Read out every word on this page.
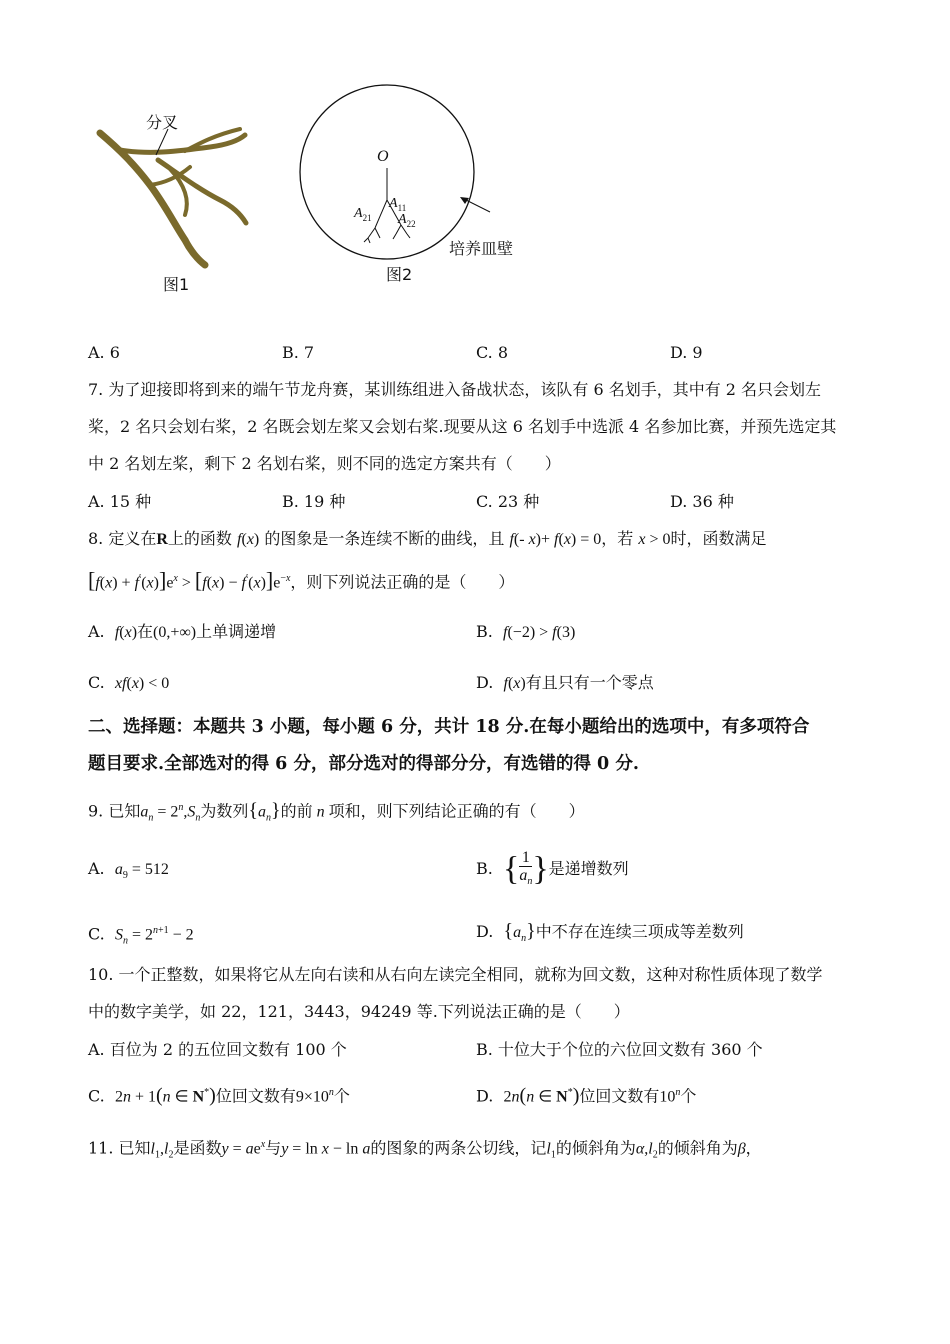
分叉
图1
O
$A_{21}$
$A_{11}$
$A_{22}$
培养皿壁
图2
A. 6	B. 7	C. 8	D. 9
7. 为了迎接即将到来的端午节龙舟赛，某训练组进入备战状态，该队有 6 名划手，其中有 2 名只会划左
桨，2 名只会划右桨，2 名既会划左桨又会划右桨.现要从这 6 名划手中选派 4 名参加比赛，并预先选定其
中 2 名划左桨，剩下 2 名划右桨，则不同的选定方案共有（　　）
A. 15 种	B. 19 种	C. 23 种	D. 36 种
8. 定义在R上的函数 f(x) 的图象是一条连续不断的曲线，且 f(- x)+ f(x) = 0，若 x > 0时，函数满足
$[f(x) + f'(x)]e^x > [f(x) - f'(x)]e^{-x}$，则下列说法正确的是（　　）
A. f(x)在(0,+∞)上单调递增	B. f(−2) > f(3)
C. xf(x) < 0	D. f(x)有且只有一个零点
二、选择题：本题共 3 小题，每小题 6 分，共计 18 分.在每小题给出的选项中，有多项符合
题目要求.全部选对的得 6 分，部分选对的得部分分，有选错的得 0 分.
9. 已知$a_n = 2^n,S_n$为数列$\{a_n\}$的前 n 项和，则下列结论正确的有（　　）
A. $a_9 = 512$	B. { $\frac{1}{a_n}$ }是递增数列
C. $S_n = 2^{n+1} - 2$	D. $\{a_n\}$中不存在连续三项成等差数列
10. 一个正整数，如果将它从左向右读和从右向左读完全相同，就称为回文数，这种对称性质体现了数学
中的数字美学，如 22，121，3443，94249 等.下列说法正确的是（　　）
A. 百位为 2 的五位回文数有 100 个	B. 十位大于个位的六位回文数有 360 个
C. 2n + 1(n ∈ N*)位回文数有$9\times 10^n$个	D. 2n(n ∈ N*)位回文数有10$^n$个
11. 已知$l_1,l_2$是函数$y = ae^x$与y = ln x − ln a的图象的两条公切线，记$l_1$的倾斜角为$\alpha,l_2$的倾斜角为β，
